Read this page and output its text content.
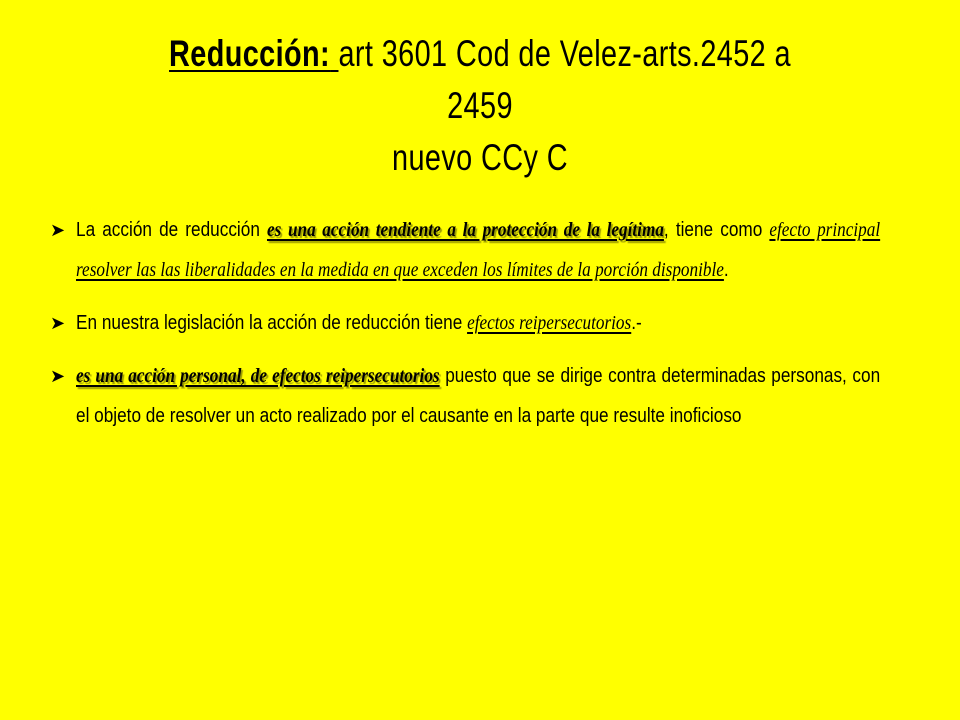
Reducción: art 3601 Cod de Velez-arts.2452 a 2459
nuevo CCy C
➤ La acción de reducción es una acción tendiente a la protección de la legítima, tiene como efecto principal resolver las las liberalidades en la medida en que exceden los límites de la porción disponible.
➤ En nuestra legislación la acción de reducción tiene efectos reipersecutorios.-
➤ es una acción personal, de efectos reipersecutorios puesto que se dirige contra determinadas personas, con el objeto de resolver un acto realizado por el causante en la parte que resulte inoficioso
